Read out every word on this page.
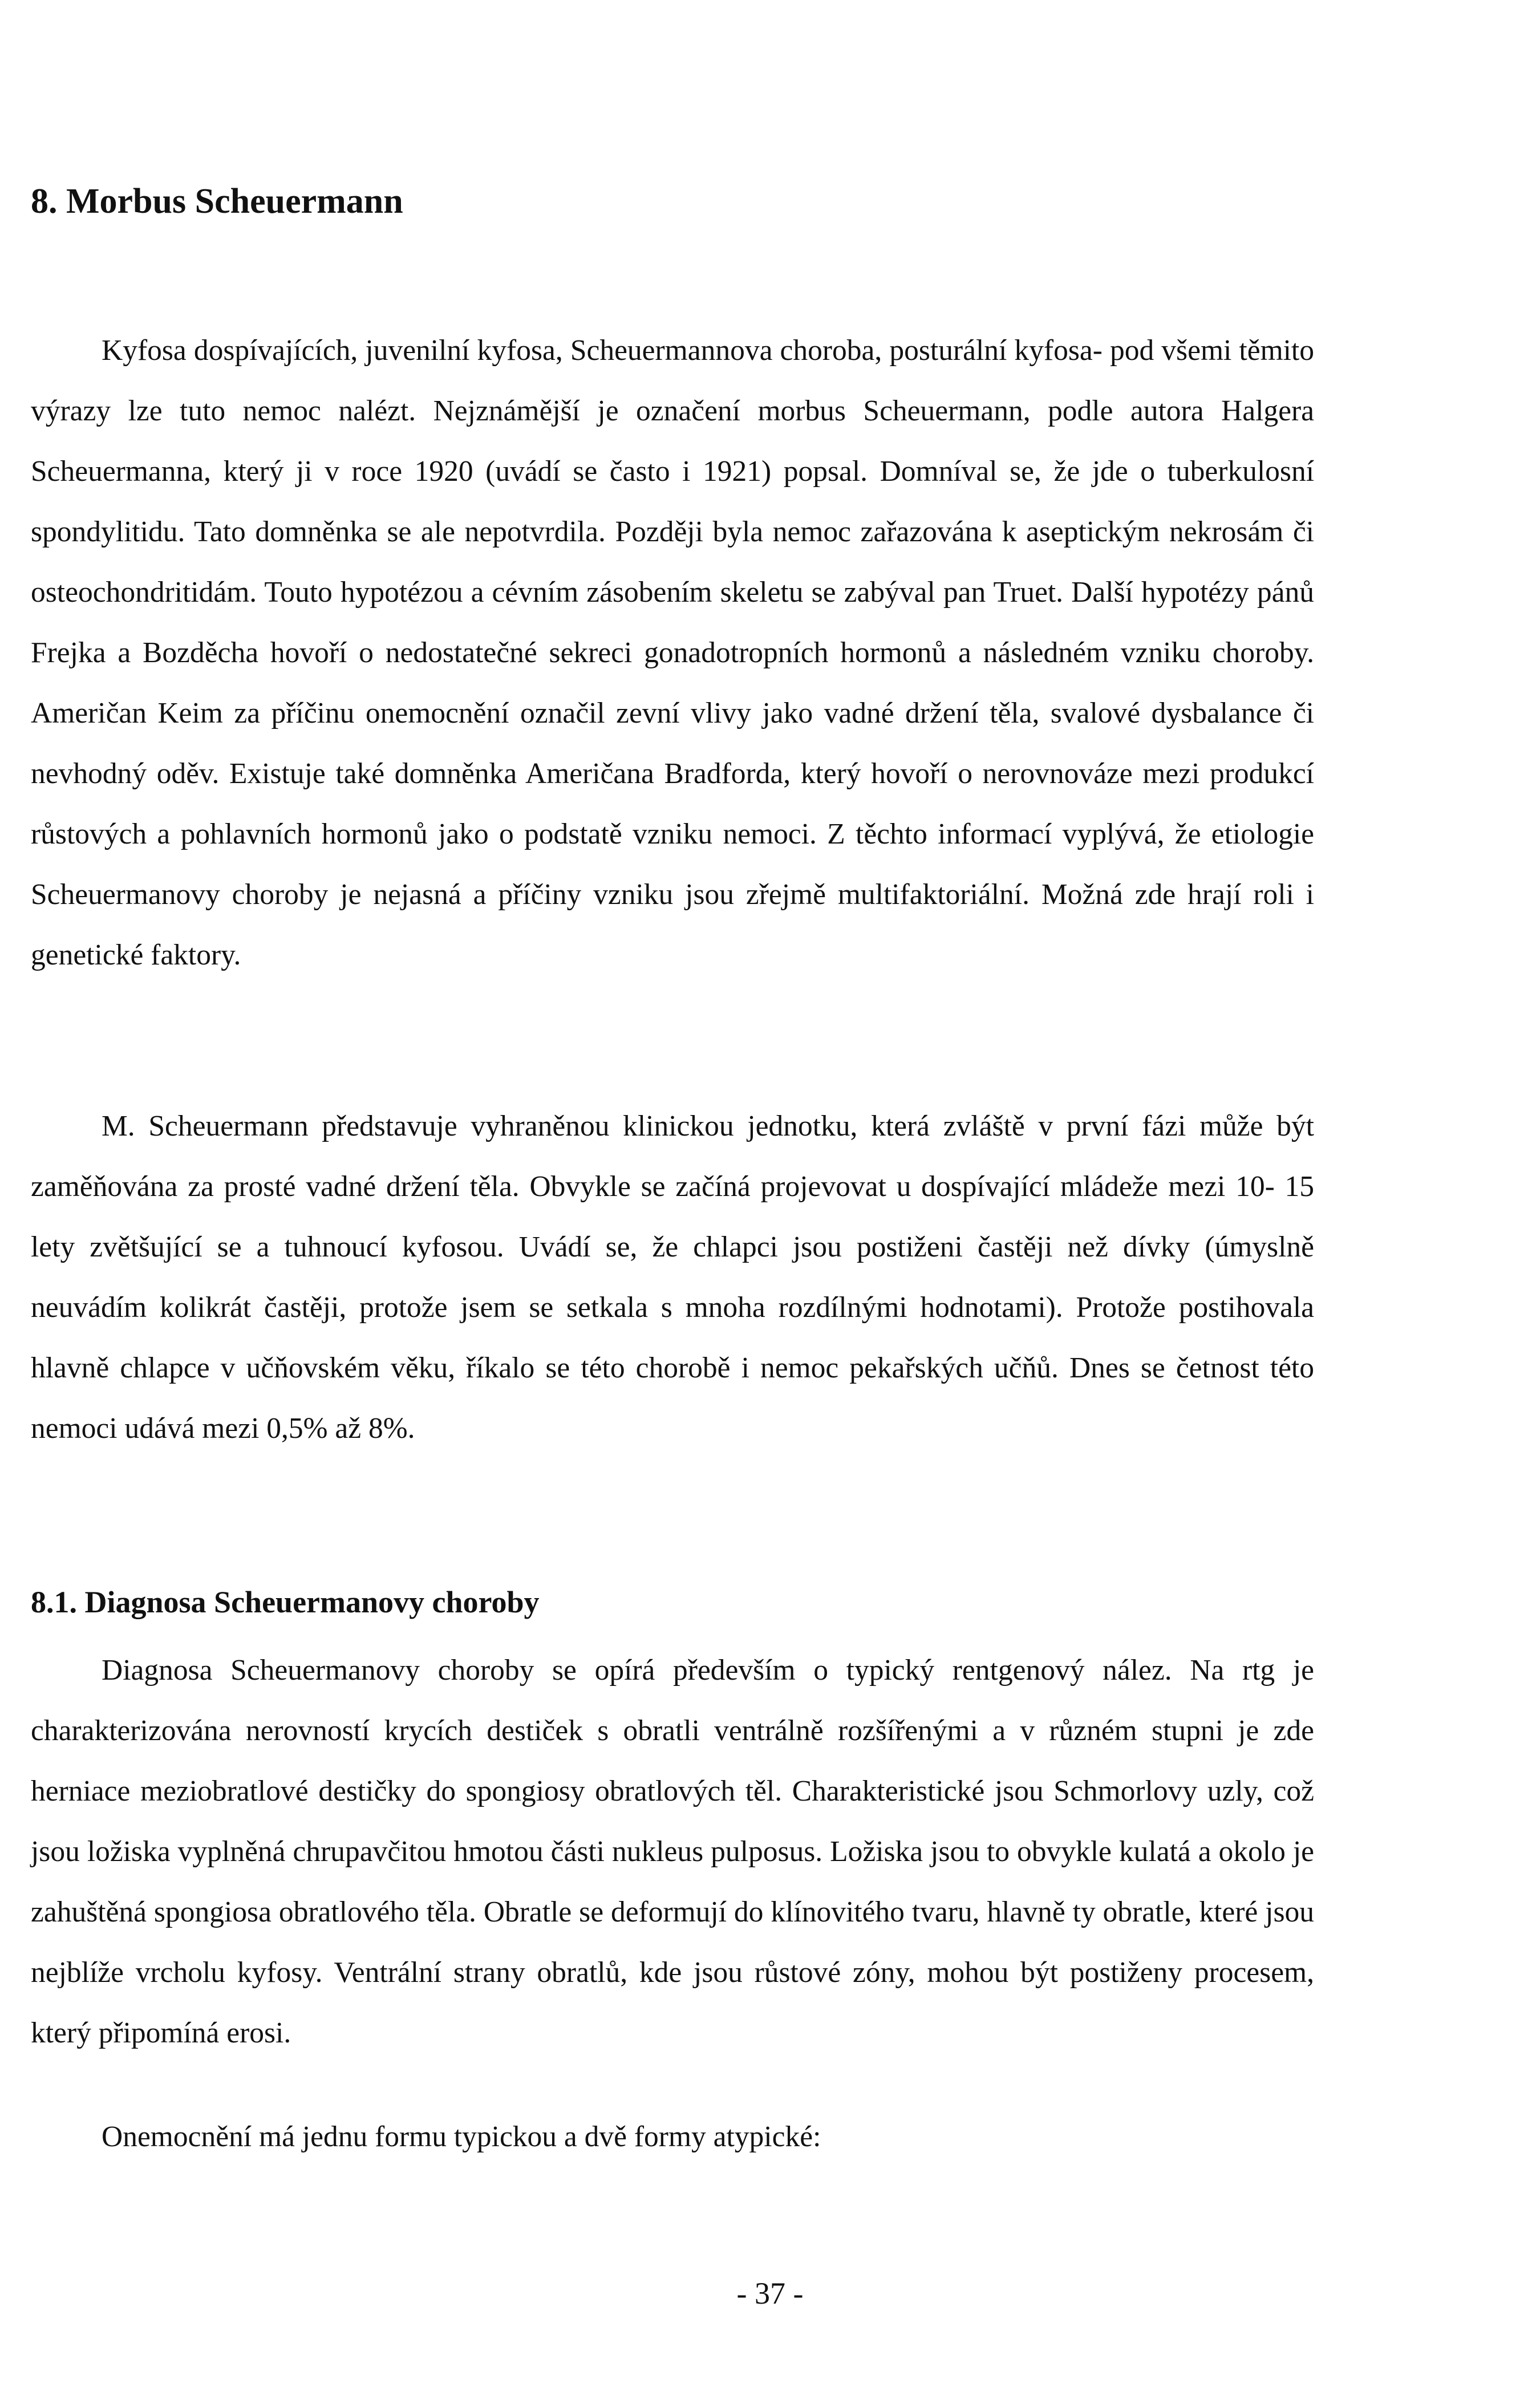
8. Morbus Scheuermann

Kyfosa dospívajících, juvenilní kyfosa, Scheuermannova choroba, posturální kyfosa- pod všemi těmito výrazy lze tuto nemoc nalézt. Nejznámější je označení morbus Scheuermann, podle autora Halgera Scheuermanna, který ji v roce 1920 (uvádí se často i 1921) popsal. Domníval se, že jde o tuberkulosní spondylitidu. Tato domněnka se ale nepotvrdila. Později byla nemoc zařazována k aseptickým nekrosám či osteochondritidám. Touto hypotézou a cévním zásobením skeletu se zabýval pan Truet. Další hypotézy pánů Frejka a Bozděcha hovoří o nedostatečné sekreci gonadotropních hormonů a následném vzniku choroby. Američan Keim za příčinu onemocnění označil zevní vlivy jako vadné držení těla, svalové dysbalance či nevhodný oděv. Existuje také domněnka Američana Bradforda, který hovoří o nerovnováze mezi produkcí růstových a pohlavních hormonů jako o podstatě vzniku nemoci. Z těchto informací vyplývá, že etiologie Scheuermanovy choroby je nejasná a příčiny vzniku jsou zřejmě multifaktoriální. Možná zde hrají roli i genetické faktory.

M. Scheuermann představuje vyhraněnou klinickou jednotku, která zvláště v první fázi může být zaměňována za prosté vadné držení těla. Obvykle se začíná projevovat u dospívající mládeže mezi 10- 15 lety zvětšující se a tuhnoucí kyfosou. Uvádí se, že chlapci jsou postiženi častěji než dívky (úmyslně neuvádím kolikrát častěji, protože jsem se setkala s mnoha rozdílnými hodnotami). Protože postihovala hlavně chlapce v učňovském věku, říkalo se této chorobě i nemoc pekařských učňů. Dnes se četnost této nemoci udává mezi 0,5% až 8%.

8.1. Diagnosa Scheuermanovy choroby

Diagnosa Scheuermanovy choroby se opírá především o typický rentgenový nález. Na rtg je charakterizována nerovností krycích destiček s obratli ventrálně rozšířenými a v různém stupni je zde herniace meziobratlové destičky do spongiosy obratlových těl. Charakteristické jsou Schmorlovy uzly, což jsou ložiska vyplněná chrupavčitou hmotou části nukleus pulposus. Ložiska jsou to obvykle kulatá a okolo je zahuštěná spongiosa obratlového těla. Obratle se deformují do klínovitého tvaru, hlavně ty obratle, které jsou nejblíže vrcholu kyfosy. Ventrální strany obratlů, kde jsou růstové zóny, mohou být postiženy procesem, který připomíná erosi.

Onemocnění má jednu formu typickou a dvě formy atypické:

- 37 -
